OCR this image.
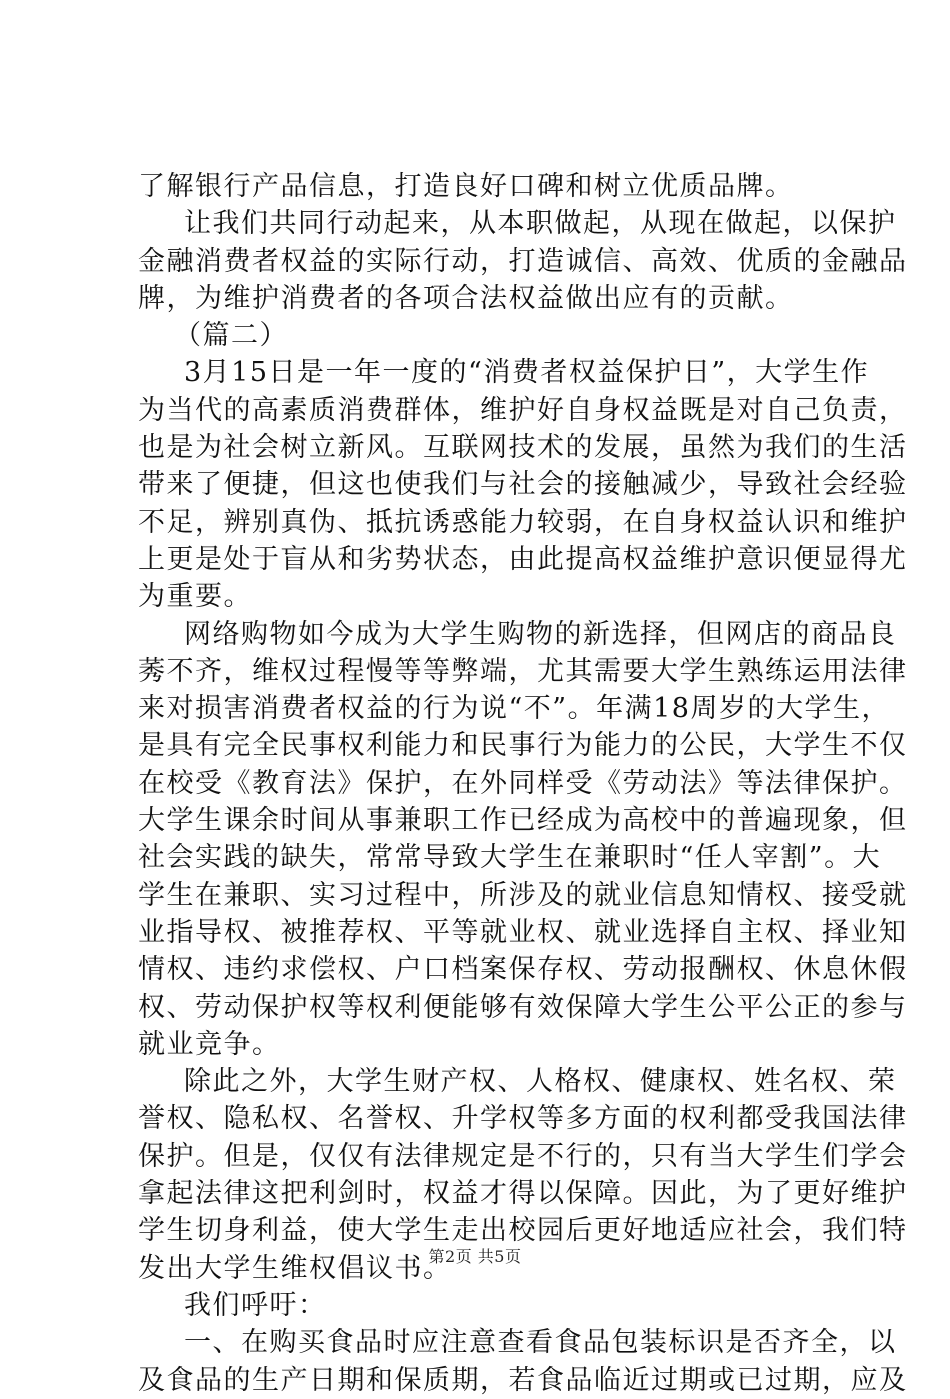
了解银行产品信息，打造良好口碑和树立优质品牌。
让我们共同行动起来，从本职做起，从现在做起，以保护
金融消费者权益的实际行动，打造诚信、高效、优质的金融品
牌，为维护消费者的各项合法权益做出应有的贡献。
（篇二）
3月15日是一年一度的“消费者权益保护日”，大学生作
为当代的高素质消费群体，维护好自身权益既是对自己负责，
也是为社会树立新风。互联网技术的发展，虽然为我们的生活
带来了便捷，但这也使我们与社会的接触减少，导致社会经验
不足，辨别真伪、抵抗诱惑能力较弱，在自身权益认识和维护
上更是处于盲从和劣势状态，由此提高权益维护意识便显得尤
为重要。
网络购物如今成为大学生购物的新选择，但网店的商品良
莠不齐，维权过程慢等等弊端，尤其需要大学生熟练运用法律
来对损害消费者权益的行为说“不”。年满18周岁的大学生，
是具有完全民事权利能力和民事行为能力的公民，大学生不仅
在校受《教育法》保护，在外同样受《劳动法》等法律保护。
大学生课余时间从事兼职工作已经成为高校中的普遍现象，但
社会实践的缺失，常常导致大学生在兼职时“任人宰割”。大
学生在兼职、实习过程中，所涉及的就业信息知情权、接受就
业指导权、被推荐权、平等就业权、就业选择自主权、择业知
情权、违约求偿权、户口档案保存权、劳动报酬权、休息休假
权、劳动保护权等权利便能够有效保障大学生公平公正的参与
就业竞争。
除此之外，大学生财产权、人格权、健康权、姓名权、荣
誉权、隐私权、名誉权、升学权等多方面的权利都受我国法律
保护。但是，仅仅有法律规定是不行的，只有当大学生们学会
拿起法律这把利剑时，权益才得以保障。因此，为了更好维护
学生切身利益，使大学生走出校园后更好地适应社会，我们特
发出大学生维权倡议书。
我们呼吁：
一、在购买食品时应注意查看食品包装标识是否齐全，以
及食品的生产日期和保质期，若食品临近过期或已过期，应及
第2页 共5页
